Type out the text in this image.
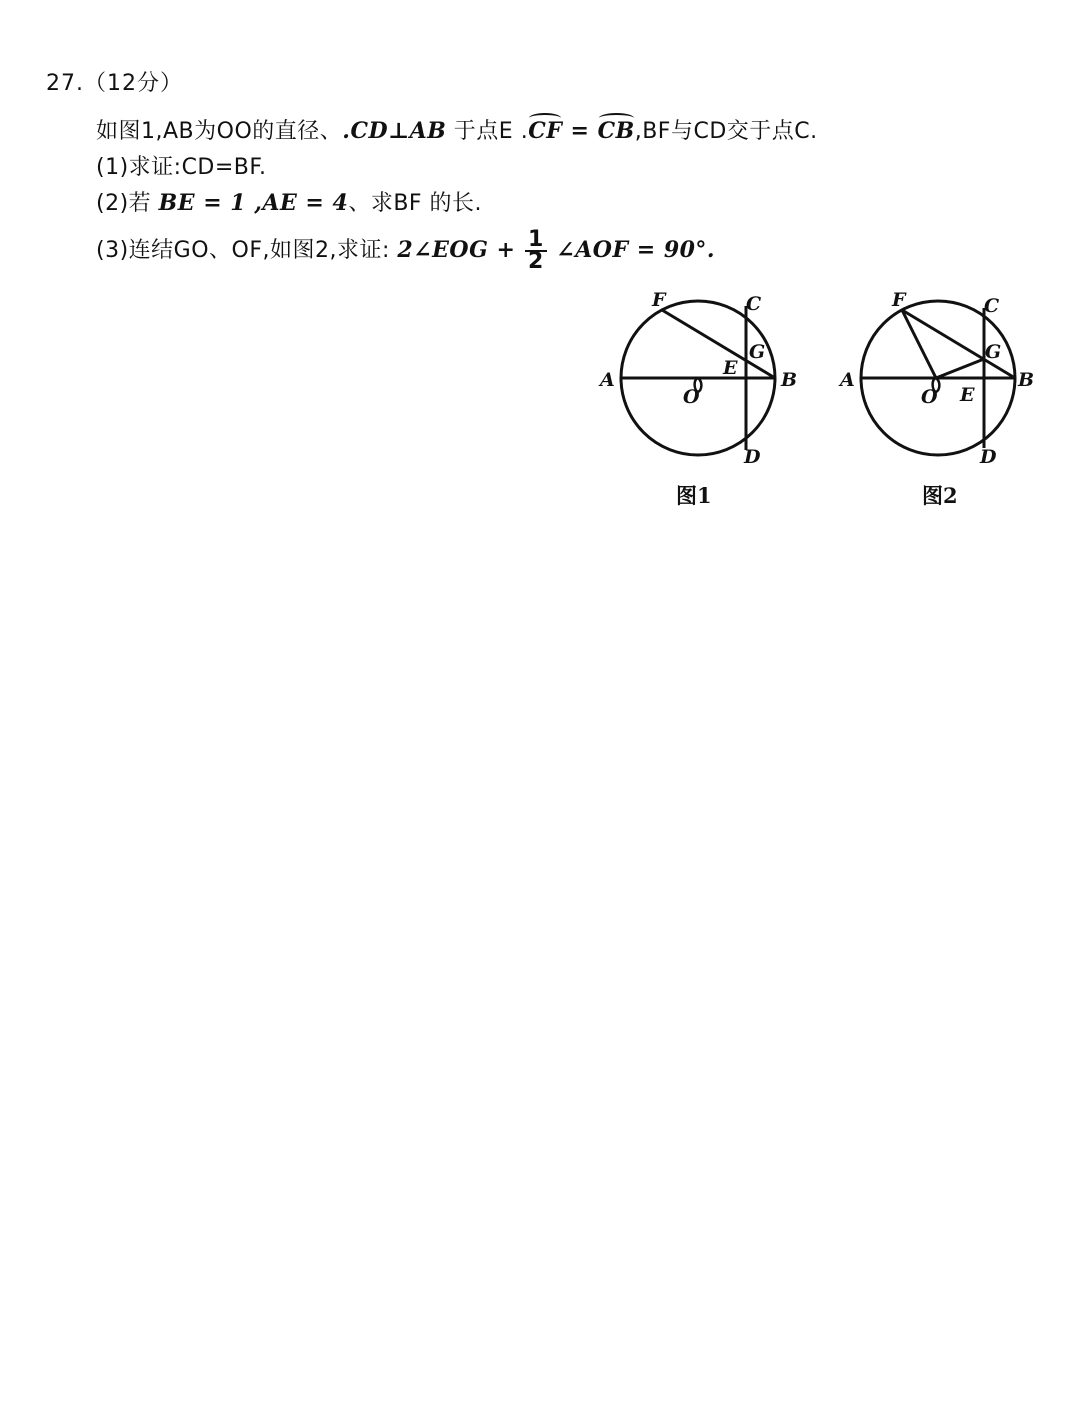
27.（12分）
如图1,AB为OO的直径、.CD⊥AB 于点E .CF = CB,BF与CD交于点C.
(1)求证:CD=BF.
(2)若 BE = 1 ,AE = 4、求BF 的长.
(3)连结GO、OF,如图2,求证: 2∠EOG + $\frac{1}{2}$ ∠AOF = 90°.
F	C
G
E
A	B
O
D
图1
F	C
G
E
A	B
O
D
图2
